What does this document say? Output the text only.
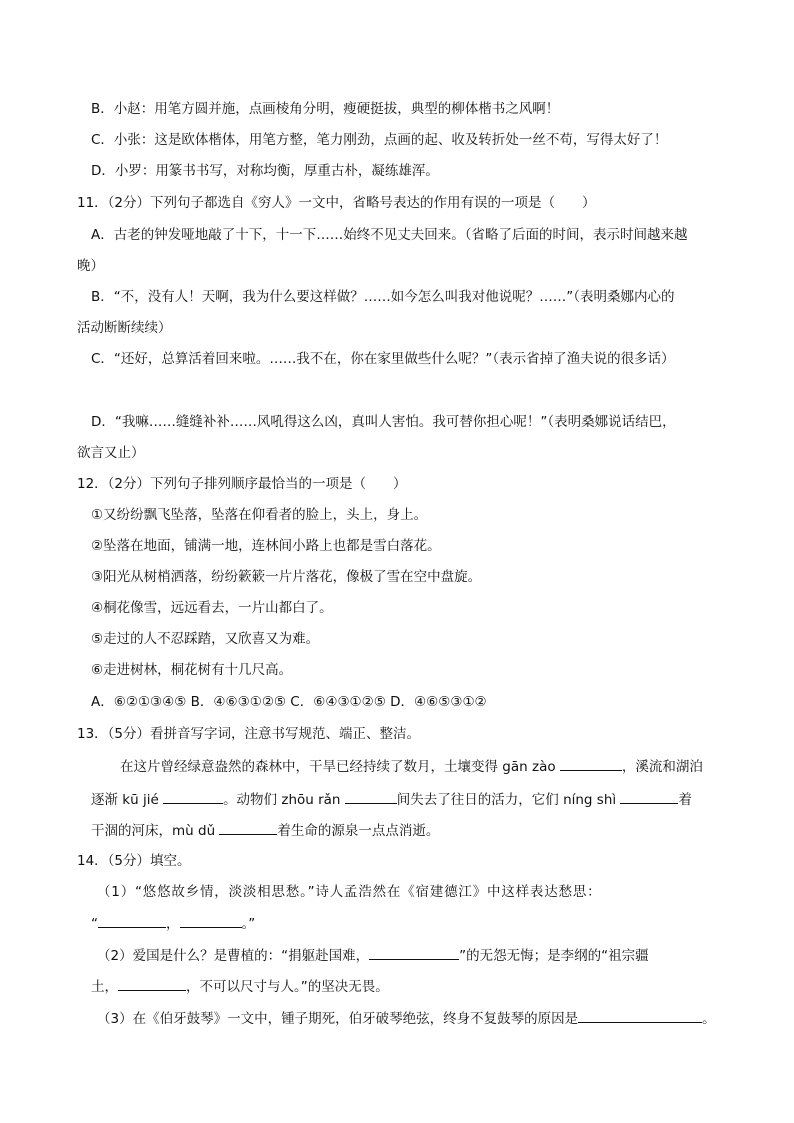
B．小赵：用笔方圆并施，点画棱角分明，瘦硬挺拔，典型的柳体楷书之风啊！
C．小张：这是欧体楷体，用笔方整，笔力刚劲，点画的起、收及转折处一丝不苟，写得太好了！
D．小罗：用篆书书写，对称均衡，厚重古朴，凝练雄浑。
11．（2分）下列句子都选自《穷人》一文中，省略号表达的作用有误的一项是（　　）
A．古老的钟发哑地敲了十下，十一下……始终不见丈夫回来。（省略了后面的时间，表示时间越来越
晚）
B．“不，没有人！天啊，我为什么要这样做？……如今怎么叫我对他说呢？……”（表明桑娜内心的
活动断断续续）
C．“还好，总算活着回来啦。……我不在，你在家里做些什么呢？”（表示省掉了渔夫说的很多话）
D．“我嘛……缝缝补补……风吼得这么凶，真叫人害怕。我可替你担心呢！”（表明桑娜说话结巴，
欲言又止）
12．（2分）下列句子排列顺序最恰当的一项是（　　）
①又纷纷飘飞坠落，坠落在仰看者的脸上，头上，身上。
②坠落在地面，铺满一地，连林间小路上也都是雪白落花。
③阳光从树梢洒落，纷纷簌簌一片片落花，像极了雪在空中盘旋。
④桐花像雪，远远看去，一片山都白了。
⑤走过的人不忍踩踏，又欣喜又为难。
⑥走进树林，桐花树有十几尺高。
A．⑥②①③④⑤ B．④⑥③①②⑤ C．⑥④③①②⑤ D．④⑥⑤③①②
13．（5分）看拼音写字词，注意书写规范、端正、整洁。
在这片曾经绿意盎然的森林中，干旱已经持续了数月，土壤变得 gān zào	，溪流和湖泊
逐渐 kū jié	。动物们 zhōu rǎn	间失去了往日的活力，它们 níng shì	着
干涸的河床，mù dǔ	着生命的源泉一点点消逝。
14．（5分）填空。
（1）“悠悠故乡情，淡淡相思愁。”诗人孟浩然在《宿建德江》中这样表达愁思：
“	，	。”
（2）爱国是什么？是曹植的：“捐躯赴国难，	”的无怨无悔；是李纲的“祖宗疆
土，	，不可以尺寸与人。”的坚决无畏。
（3）在《伯牙鼓琴》一文中，锺子期死，伯牙破琴绝弦，终身不复鼓琴的原因是	。
